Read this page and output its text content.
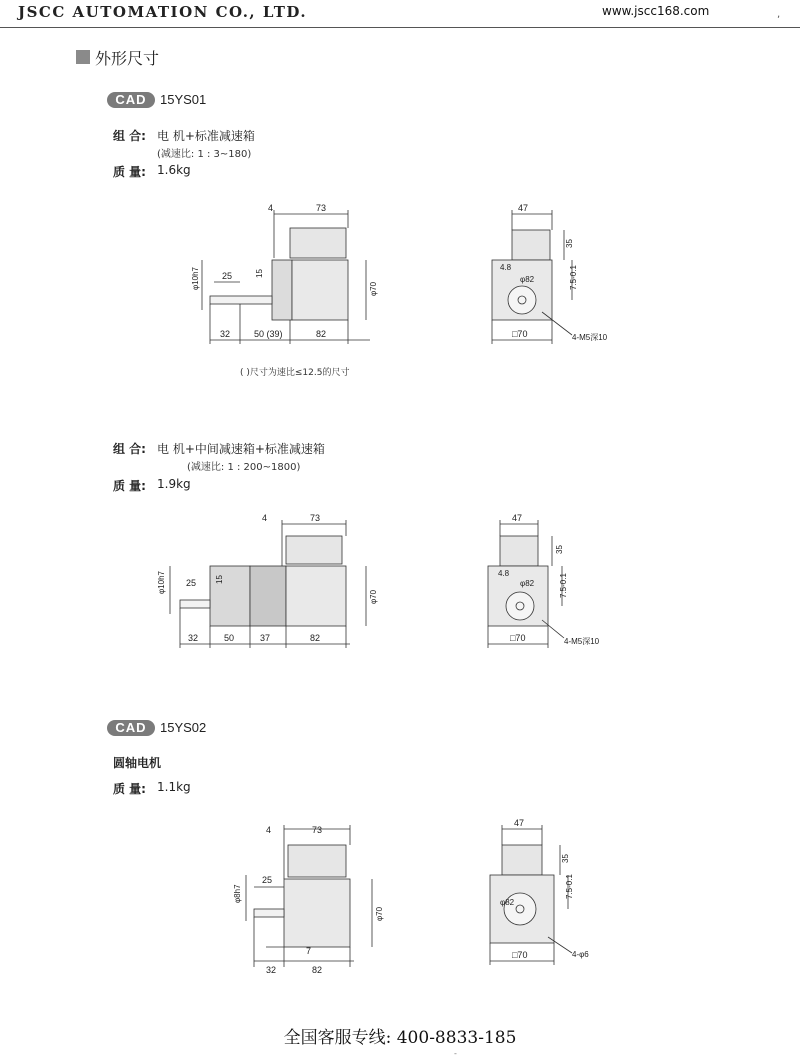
JSCC AUTOMATION CO., LTD.	www.jscc168.com	,
外形尺寸
CAD	15YS01
组 合: 电 机+标准减速箱
(减速比: 1 : 3~180)
质 量: 1.6kg
4	73
φ10h7 25	15
φ70
32	50 (39)	82
( )尺寸为速比≤12.5的尺寸
47
35
4.8
φ82	7.5-0.1
□70	4-M5深10
组 合: 电 机+中间减速箱+标准减速箱
(减速比: 1 : 200~1800)
质 量: 1.9kg
4	73
φ10h7 25 15
φ70
32	50	37	82
47
35
4.8
φ82	7.5-0.1
□70	4-M5深10
CAD	15YS02
圆轴电机
质 量: 1.1kg
4	73
φ8h7
25
φ70
7
32	82
47
35
φ82
7.5-0.1
□70	4-φ6
全国客服专线: 400-8833-185
-
